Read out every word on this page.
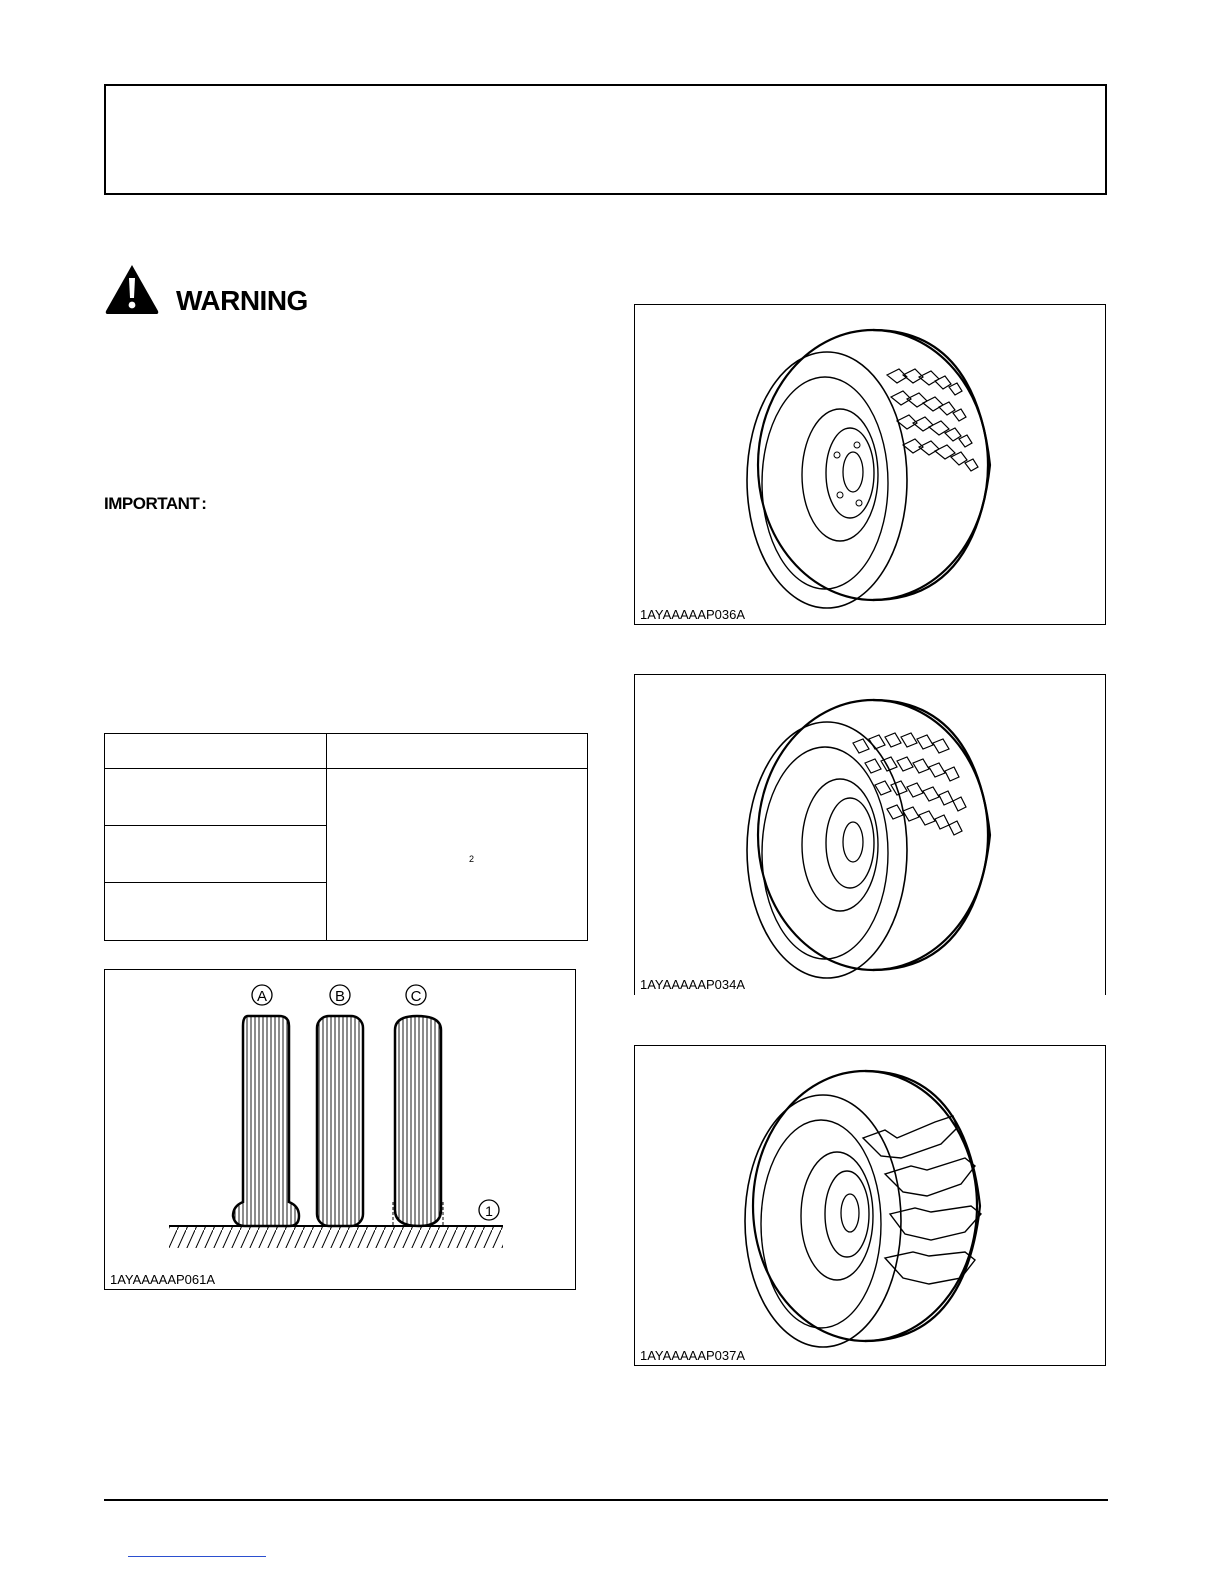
WARNING
IMPORTANT :
2
A	B	C
1
1AYAAAAAP061A
1AYAAAAAP036A
1AYAAAAAP034A
1AYAAAAAP037A
